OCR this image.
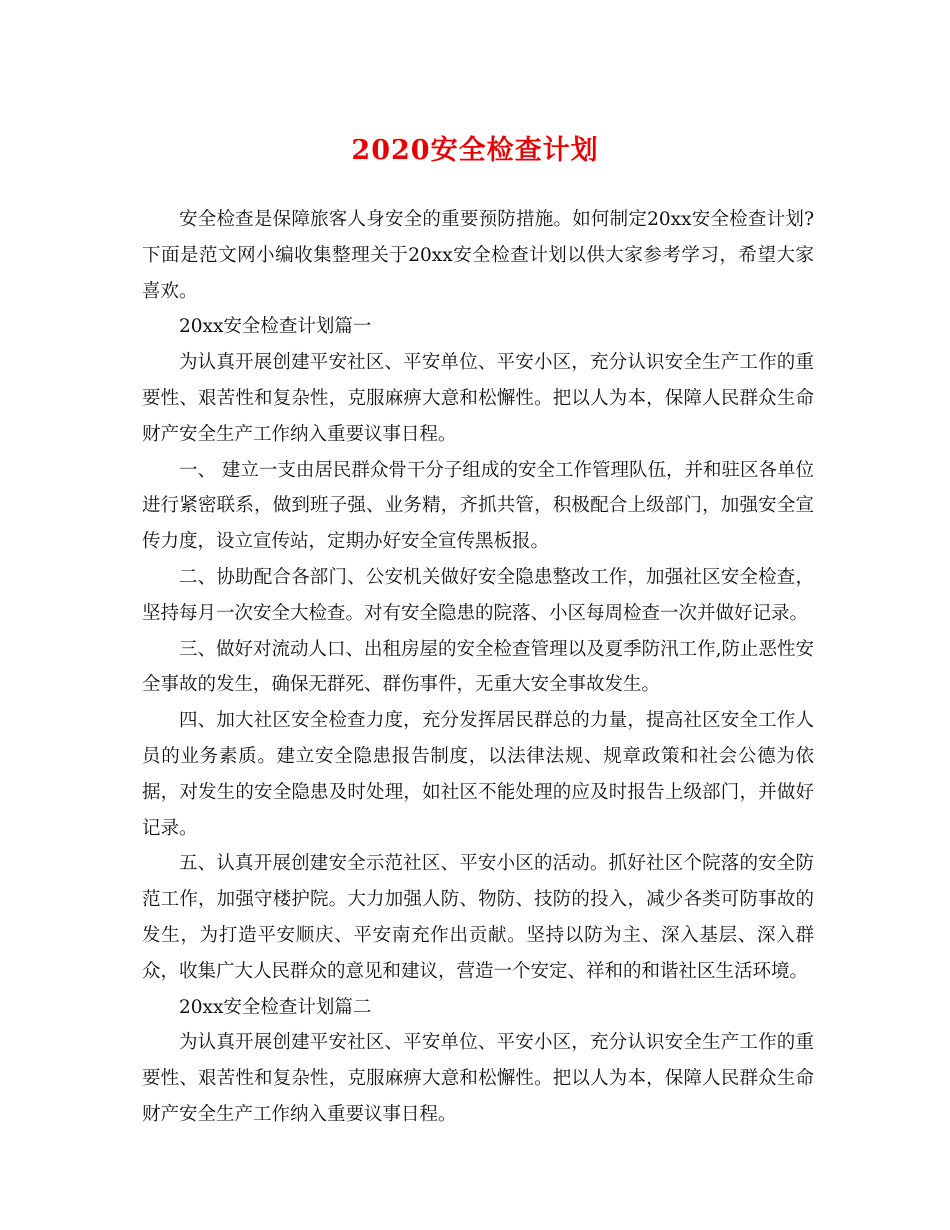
2020安全检查计划

安全检查是保障旅客人身安全的重要预防措施。如何制定20xx安全检查计划?下面是范文网小编收集整理关于20xx安全检查计划以供大家参考学习，希望大家喜欢。

20xx安全检查计划篇一

为认真开展创建平安社区、平安单位、平安小区，充分认识安全生产工作的重要性、艰苦性和复杂性，克服麻痹大意和松懈性。把以人为本，保障人民群众生命财产安全生产工作纳入重要议事日程。

一、 建立一支由居民群众骨干分子组成的安全工作管理队伍，并和驻区各单位进行紧密联系，做到班子强、业务精，齐抓共管，积极配合上级部门，加强安全宣传力度，设立宣传站，定期办好安全宣传黑板报。

二、协助配合各部门、公安机关做好安全隐患整改工作，加强社区安全检查，坚持每月一次安全大检查。对有安全隐患的院落、小区每周检查一次并做好记录。

三、做好对流动人口、出租房屋的安全检查管理以及夏季防汛工作,防止恶性安全事故的发生，确保无群死、群伤事件，无重大安全事故发生。

四、加大社区安全检查力度，充分发挥居民群总的力量，提高社区安全工作人员的业务素质。建立安全隐患报告制度，以法律法规、规章政策和社会公德为依据，对发生的安全隐患及时处理，如社区不能处理的应及时报告上级部门，并做好记录。

五、认真开展创建安全示范社区、平安小区的活动。抓好社区个院落的安全防范工作，加强守楼护院。大力加强人防、物防、技防的投入，减少各类可防事故的发生，为打造平安顺庆、平安南充作出贡献。坚持以防为主、深入基层、深入群众，收集广大人民群众的意见和建议，营造一个安定、祥和的和谐社区生活环境。

20xx安全检查计划篇二

为认真开展创建平安社区、平安单位、平安小区，充分认识安全生产工作的重要性、艰苦性和复杂性，克服麻痹大意和松懈性。把以人为本，保障人民群众生命财产安全生产工作纳入重要议事日程。
